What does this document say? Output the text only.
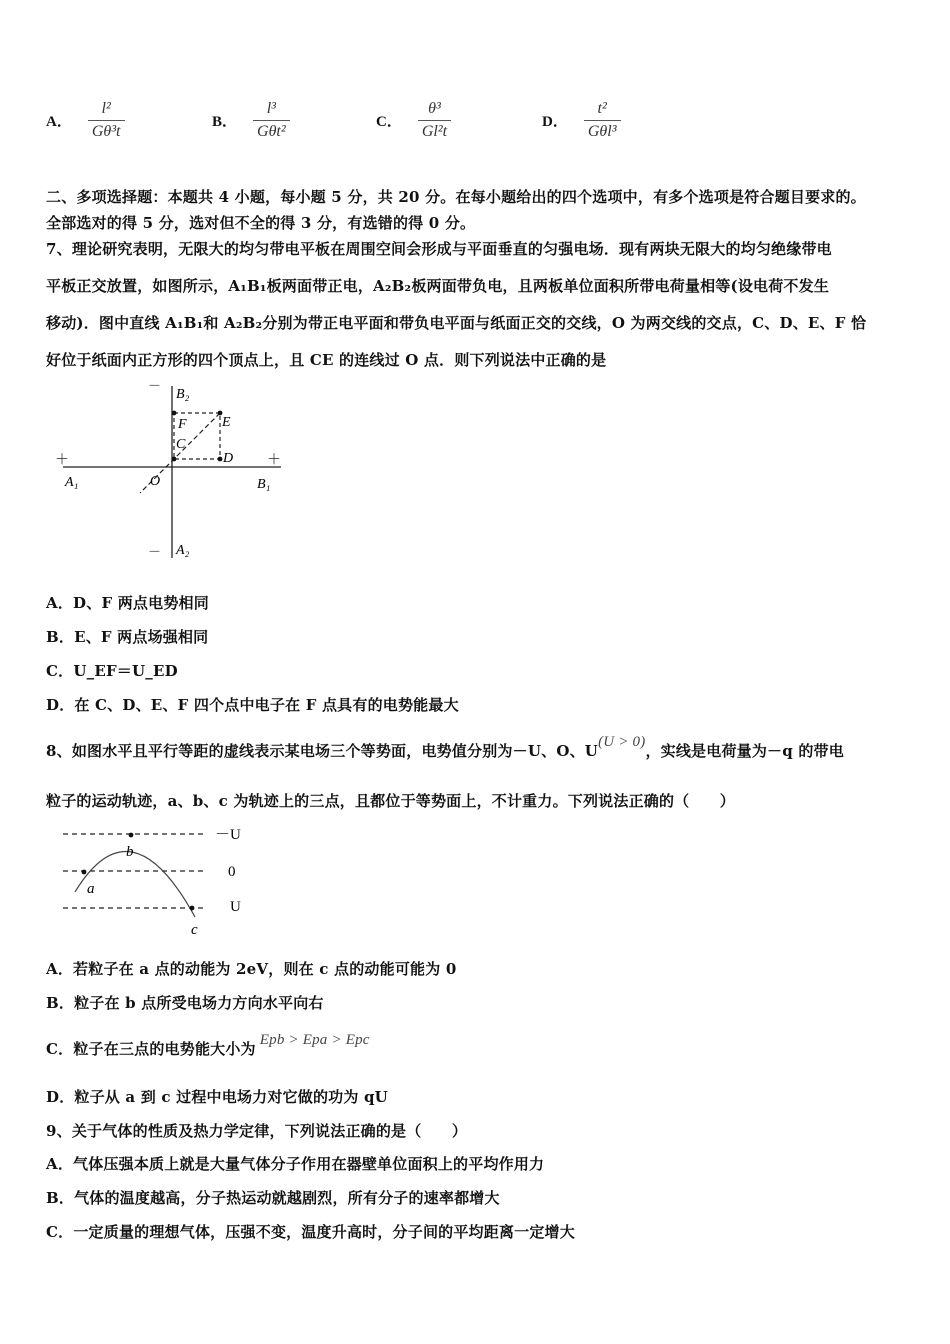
A． $\frac{\text{l²}}{\text{Gθ³t}}$	B． $\frac{\text{l³}}{\text{Gθt²}}$	C． $\frac{\text{θ³}}{\text{Gl²t}}$	D． $\frac{\text{t²}}{\text{Gθl³}}$
二、多项选择题：本题共 4 小题，每小题 5 分，共 20 分。在每小题给出的四个选项中，有多个选项是符合题目要求的。
全部选对的得 5 分，选对但不全的得 3 分，有选错的得 0 分。
7、理论研究表明，无限大的均匀带电平板在周围空间会形成与平面垂直的匀强电场．现有两块无限大的均匀绝缘带电
平板正交放置，如图所示，A₁B₁板两面带正电，A₂B₂板两面带负电，且两板单位面积所带电荷量相等(设电荷不发生
移动)．图中直线 A₁B₁和 A₂B₂分别为带正电平面和带负电平面与纸面正交的交线，O 为两交线的交点，C、D、E、F 恰
好位于纸面内正方形的四个顶点上，且 CE 的连线过 O 点．则下列说法中正确的是
－
B₂
＋	＋
A₁	B₁
－ A₂
E
F
C
D
O
A．D、F 两点电势相同
B．E、F 两点场强相同
C．U_EF＝U_ED
D．在 C、D、E、F 四个点中电子在 F 点具有的电势能最大
8、如图水平且平行等距的虚线表示某电场三个等势面，电势值分别为－U、O、U(U > 0)，实线是电荷量为－q 的带电
粒子的运动轨迹，a、b、c 为轨迹上的三点，且都位于等势面上，不计重力。下列说法正确的（　　）
－U
0
U
a
b
c
A．若粒子在 a 点的动能为 2eV，则在 c 点的动能可能为 0
B．粒子在 b 点所受电场力方向水平向右
C．粒子在三点的电势能大小为 Epb > Epa > Epc
D．粒子从 a 到 c 过程中电场力对它做的功为 qU
9、关于气体的性质及热力学定律，下列说法正确的是（　　）
A．气体压强本质上就是大量气体分子作用在器壁单位面积上的平均作用力
B．气体的温度越高，分子热运动就越剧烈，所有分子的速率都增大
C．一定质量的理想气体，压强不变，温度升高时，分子间的平均距离一定增大
